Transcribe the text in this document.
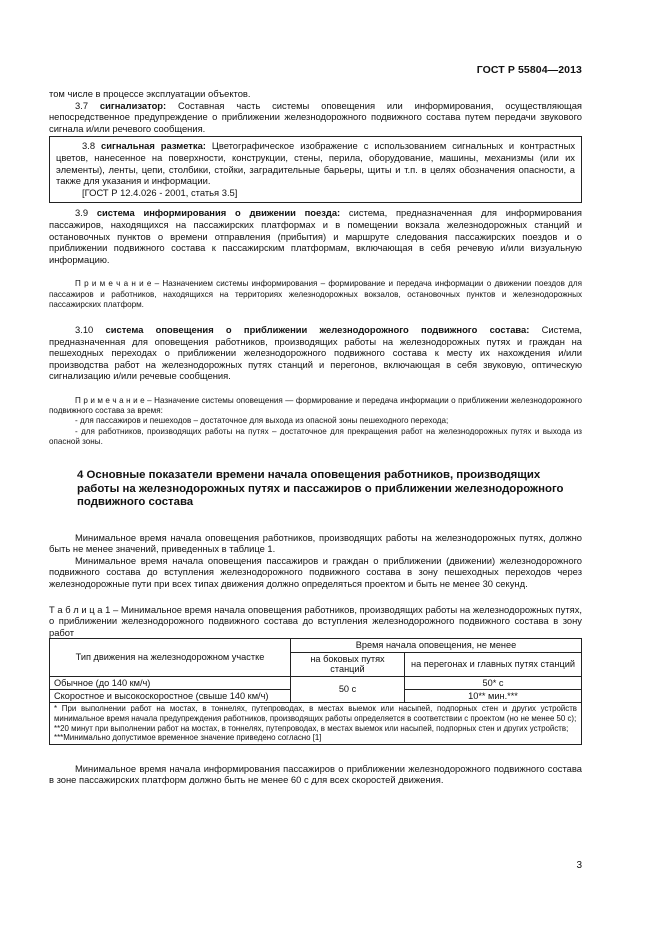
ГОСТ Р 55804—2013

том числе в процессе эксплуатации объектов.

3.7 сигнализатор: Составная часть системы оповещения или информирования, осуществляющая непосредственное предупреждение о приближении железнодорожного подвижного состава путем передачи звукового сигнала и/или речевого сообщения.

3.8 сигнальная разметка: Цветографическое изображение с использованием сигнальных и контрастных цветов, нанесенное на поверхности, конструкции, стены, перила, оборудование, машины, механизмы (или их элементы), ленты, цепи, столбики, стойки, заградительные барьеры, щиты и т.п. в целях обозначения опасности, а также для указания и информации.

[ГОСТ Р 12.4.026 - 2001, статья 3.5]

3.9 система информирования о движении поезда: система, предназначенная для информирования пассажиров, находящихся на пассажирских платформах и в помещении вокзала железнодорожных станций и остановочных пунктов о времени отправления (прибытия) и маршруте следования пассажирских поездов и о приближении подвижного состава к пассажирским платформам, включающая в себя речевую и/или визуальную информацию.

П р и м е ч а н и е – Назначением системы информирования – формирование и передача информации о движении поездов для пассажиров и работников, находящихся на территориях железнодорожных вокзалов, остановочных пунктов и железнодорожных пассажирских платформ.

3.10 система оповещения о приближении железнодорожного подвижного состава: Система, предназначенная для оповещения работников, производящих работы на железнодорожных путях и граждан на пешеходных переходах о приближении железнодорожного подвижного состава к месту их нахождения и/или производства работ на железнодорожных путях станций и перегонов, включающая в себя звуковую, оптическую сигнализацию и/или речевые сообщения.

П р и м е ч а н и е – Назначение системы оповещения — формирование и передача информации о приближении железнодорожного подвижного состава за время:

- для пассажиров и пешеходов – достаточное для выхода из опасной зоны пешеходного перехода;

- для работников, производящих работы на путях – достаточное для прекращения работ на железнодорожных путях и выхода из опасной зоны.

4 Основные показатели времени начала оповещения работников, производящих работы на железнодорожных путях и пассажиров о приближении железнодорожного подвижного состава

Минимальное время начала оповещения работников, производящих работы на железнодорожных путях, должно быть не менее значений, приведенных в таблице 1.

Минимальное время начала оповещения пассажиров и граждан о приближении (движении) железнодорожного подвижного состава до вступления железнодорожного подвижного состава в зону пешеходных переходов через железнодорожные пути при всех типах движения должно определяться проектом и быть не менее 30 секунд.

Т а б л и ц а 1 – Минимальное время начала оповещения работников, производящих работы на железнодорожных путях, о приближении железнодорожного подвижного состава до вступления железнодорожного подвижного состава в зону работ

Тип движения на железнодорожном участке	Время начала оповещения, не менее	
	на боковых путях станций	на перегонах и главных путях станций
Обычное (до 140 км/ч)	50 с	50* с
Скоростное и высокоскоростное (свыше 140 км/ч)		10** мин.***

* При выполнении работ на мостах, в тоннелях, путепроводах, в местах выемок или насыпей, подпорных стен и других устройств минимальное время начала предупреждения работников, производящих работы определяется в соответствии с проектом (но не менее 50 с);
**20 минут при выполнении работ на мостах, в тоннелях, путепроводах, в местах выемок или насыпей, подпорных стен и других устройств;
***Минимально допустимое временное значение приведено согласно [1]		

Минимальное время начала информирования пассажиров о приближении железнодорожного подвижного состава в зоне пассажирских платформ должно быть не менее 60 с для всех скоростей движения.

3
